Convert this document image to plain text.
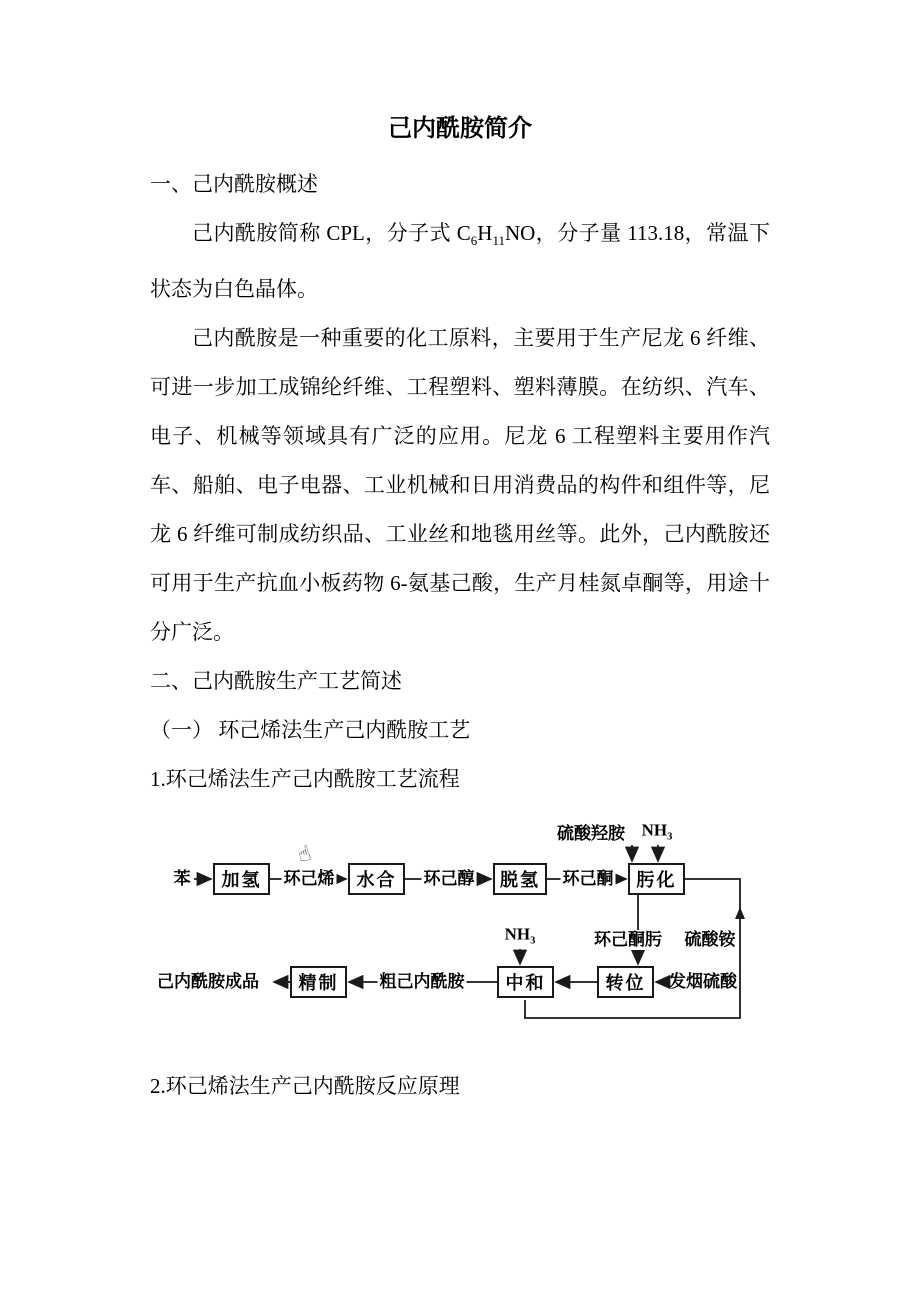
己内酰胺简介

一、己内酰胺概述

己内酰胺简称 CPL，分子式 $C_6H_{11}NO$，分子量 113.18，常温下状态为白色晶体。

己内酰胺是一种重要的化工原料，主要用于生产尼龙 6 纤维、可进一步加工成锦纶纤维、工程塑料、塑料薄膜。在纺织、汽车、电子、机械等领域具有广泛的应用。尼龙 6 工程塑料主要用作汽车、船舶、电子电器、工业机械和日用消费品的构件和组件等，尼龙 6 纤维可制成纺织品、工业丝和地毯用丝等。此外，己内酰胺还可用于生产抗血小板药物 6-氨基己酸，生产月桂氮卓酮等，用途十分广泛。

二、己内酰胺生产工艺简述

（一） 环己烯法生产己内酰胺工艺

1.环己烯法生产己内酰胺工艺流程

加氢	水合	脱氢	肟化
精制	中和	转位
苯	环己烯	环己醇	环己酮
硫酸羟胺 $NH_3$
环己酮肟 硫酸铵
$NH_3$
发烟硫酸
粗己内酰胺
己内酰胺成品
☝

2.环己烯法生产己内酰胺反应原理
